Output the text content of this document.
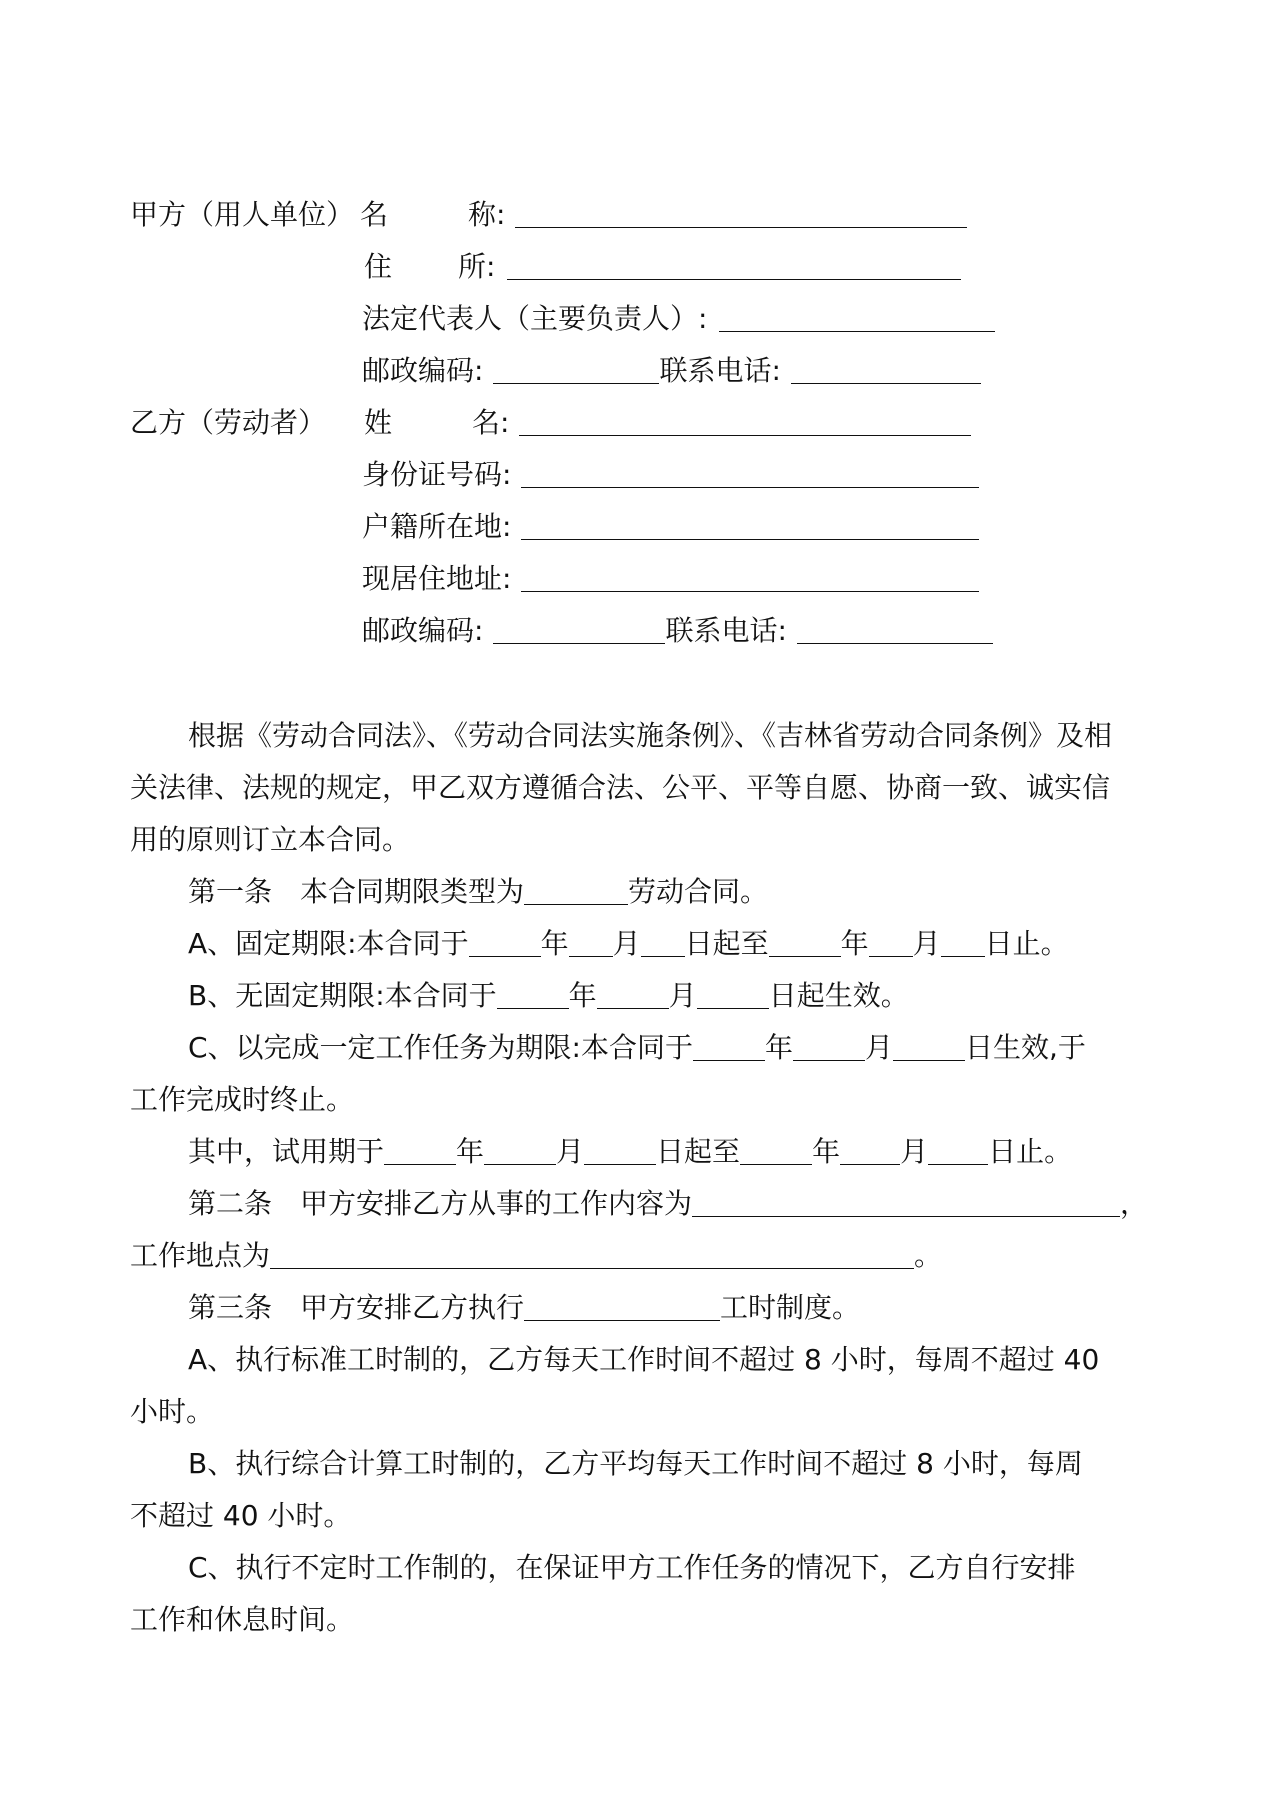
甲方（用人单位） 名	称:
住 所:
法定代表人（主要负责人）:
邮政编码:	联系电话:
乙方（劳动者） 姓	名:
身份证号码:
户籍所在地:
现居住地址:
邮政编码:	联系电话:
根据《劳动合同法》、《劳动合同法实施条例》、《吉林省劳动合同条例》及相
关法律、法规的规定，甲乙双方遵循合法、公平、平等自愿、协商一致、诚实信
用的原则订立本合同。
第一条 本合同期限类型为	劳动合同。
A、固定期限:本合同于	年 月 日起至	年 月 日止。
B、无固定期限:本合同于	年	月	日起生效。
C、以完成一定工作任务为期限:本合同于	年	月	日生效,于
工作完成时终止。
其中，试用期于	年	月	日起至	年 月 日止。
第二条 甲方安排乙方从事的工作内容为	，
工作地点为	。
第三条 甲方安排乙方执行	工时制度。
A、执行标准工时制的，乙方每天工作时间不超过 8 小时，每周不超过 40
小时。
B、执行综合计算工时制的，乙方平均每天工作时间不超过 8 小时，每周
不超过 40 小时。
C、执行不定时工作制的，在保证甲方工作任务的情况下，乙方自行安排
工作和休息时间。
